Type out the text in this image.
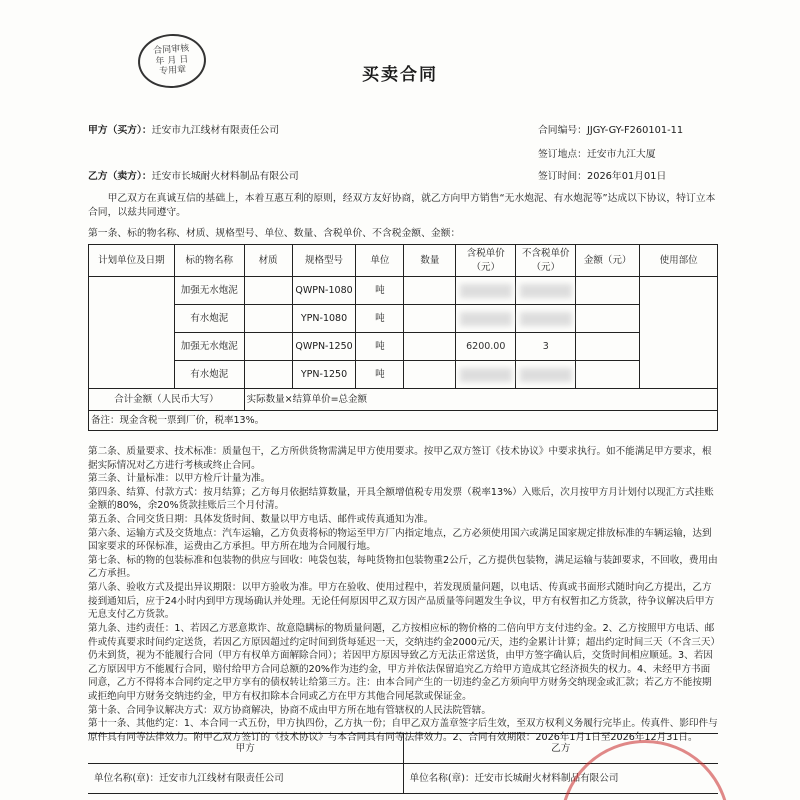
合同审核
年 月 日
专用章	买卖合同
甲方（买方）：迁安市九江线材有限责任公司	合同编号：JJGY-GY-F260101-11
签订地点：迁安市九江大厦
乙方（卖方）：迁安市长城耐火材料制品有限公司	签订时间：2026年01月01日
甲乙双方在真诚互信的基础上，本着互惠互利的原则，经双方友好协商，就乙方向甲方销售“无水炮泥、有水炮泥等”达成以下协议，特订立本合同，以兹共同遵守。
第一条、标的物名称、材质、规格型号、单位、数量、含税单价、不含税金额、金额：
计划单位及日期	标的物名称	材质	规格型号	单位	数量	含税单价（元）	不含税单价（元）	金额（元）	使用部位
	加强无水炮泥		QWPN-1080	吨					
	有水炮泥		YPN-1080	吨					
	加强无水炮泥		QWPN-1250	吨		6200.00	3		
	有水炮泥		YPN-1250	吨					
合计金额（人民币大写）		实际数量×结算单价=总金额							
备注：现金含税一票到厂价，税率13%。									

第二条、质量要求、技术标准：质量包干，乙方所供货物需满足甲方使用要求。按甲乙双方签订《技术协议》中要求执行。如不能满足甲方要求，根据实际情况对乙方进行考核或终止合同。

第三条、计量标准：以甲方检斤计量为准。

第四条、结算、付款方式：按月结算；乙方每月依据结算数量，开具全额增值税专用发票（税率13%）入账后，次月按甲方月计划付以现汇方式挂账金额的80%，余20%货款挂账后三个月付清。

第五条、合同交货日期：具体发货时间、数量以甲方电话、邮件或传真通知为准。

第六条、运输方式及交货地点：汽车运输，乙方负责将标的物运至甲方厂内指定地点，乙方必须使用国六或满足国家规定排放标准的车辆运输，达到国家要求的环保标准，运费由乙方承担。甲方所在地为合同履行地。

第七条、标的物的包装标准和包装物的供应与回收：吨袋包装，每吨货物扣包装物重2公斤，乙方提供包装物，满足运输与装卸要求，不回收，费用由乙方承担。

第八条、验收方式及提出异议期限：以甲方验收为准。甲方在验收、使用过程中，若发现质量问题，以电话、传真或书面形式随时向乙方提出，乙方接到通知后，应于24小时内到甲方现场确认并处理。无论任何原因甲乙双方因产品质量等问题发生争议，甲方有权暂扣乙方货款，待争议解决后甲方无息支付乙方货款。

第九条、违约责任：1、若因乙方恶意欺诈、故意隐瞒标的物质量问题，乙方按相应标的物价格的二倍向甲方支付违约金。2、乙方按照甲方电话、邮件或传真要求时间约定送货，若因乙方原因超过约定时间到货每延迟一天，交纳违约金2000元/天，违约金累计计算；超出约定时间三天（不含三天）仍未到货，视为不能履行合同（甲方有权单方面解除合同）；若因甲方原因导致乙方无法正常送货，由甲方签字确认后，交货时间相应顺延。3、若因乙方原因甲方不能履行合同，赔付给甲方合同总额的20%作为违约金，甲方并依法保留追究乙方给甲方造成其它经济损失的权力。4、未经甲方书面同意，乙方不得将本合同约定之甲方享有的债权转让给第三方。注：由本合同产生的一切违约金乙方须向甲方财务交纳现金或汇款；若乙方不能按期或拒绝向甲方财务交纳违约金，甲方有权扣除本合同或乙方在甲方其他合同尾款或保证金。

第十条、合同争议解决方式：双方协商解决，协商不成由甲方所在地有管辖权的人民法院管辖。

第十一条、其他约定：1、本合同一式五份，甲方执四份，乙方执一份；自甲乙双方盖章签字后生效，至双方权利义务履行完毕止。传真件、影印件与原件具有同等法律效力。附甲乙双方签订的《技术协议》与本合同具有同等法律效力。2、合同有效期限：2026年1月1日至2026年12月31日。

甲方	乙方
单位名称(章)： 迁安市九江线材有限责任公司	单位名称(章)： 迁安市长城耐火材料制品有限公司
